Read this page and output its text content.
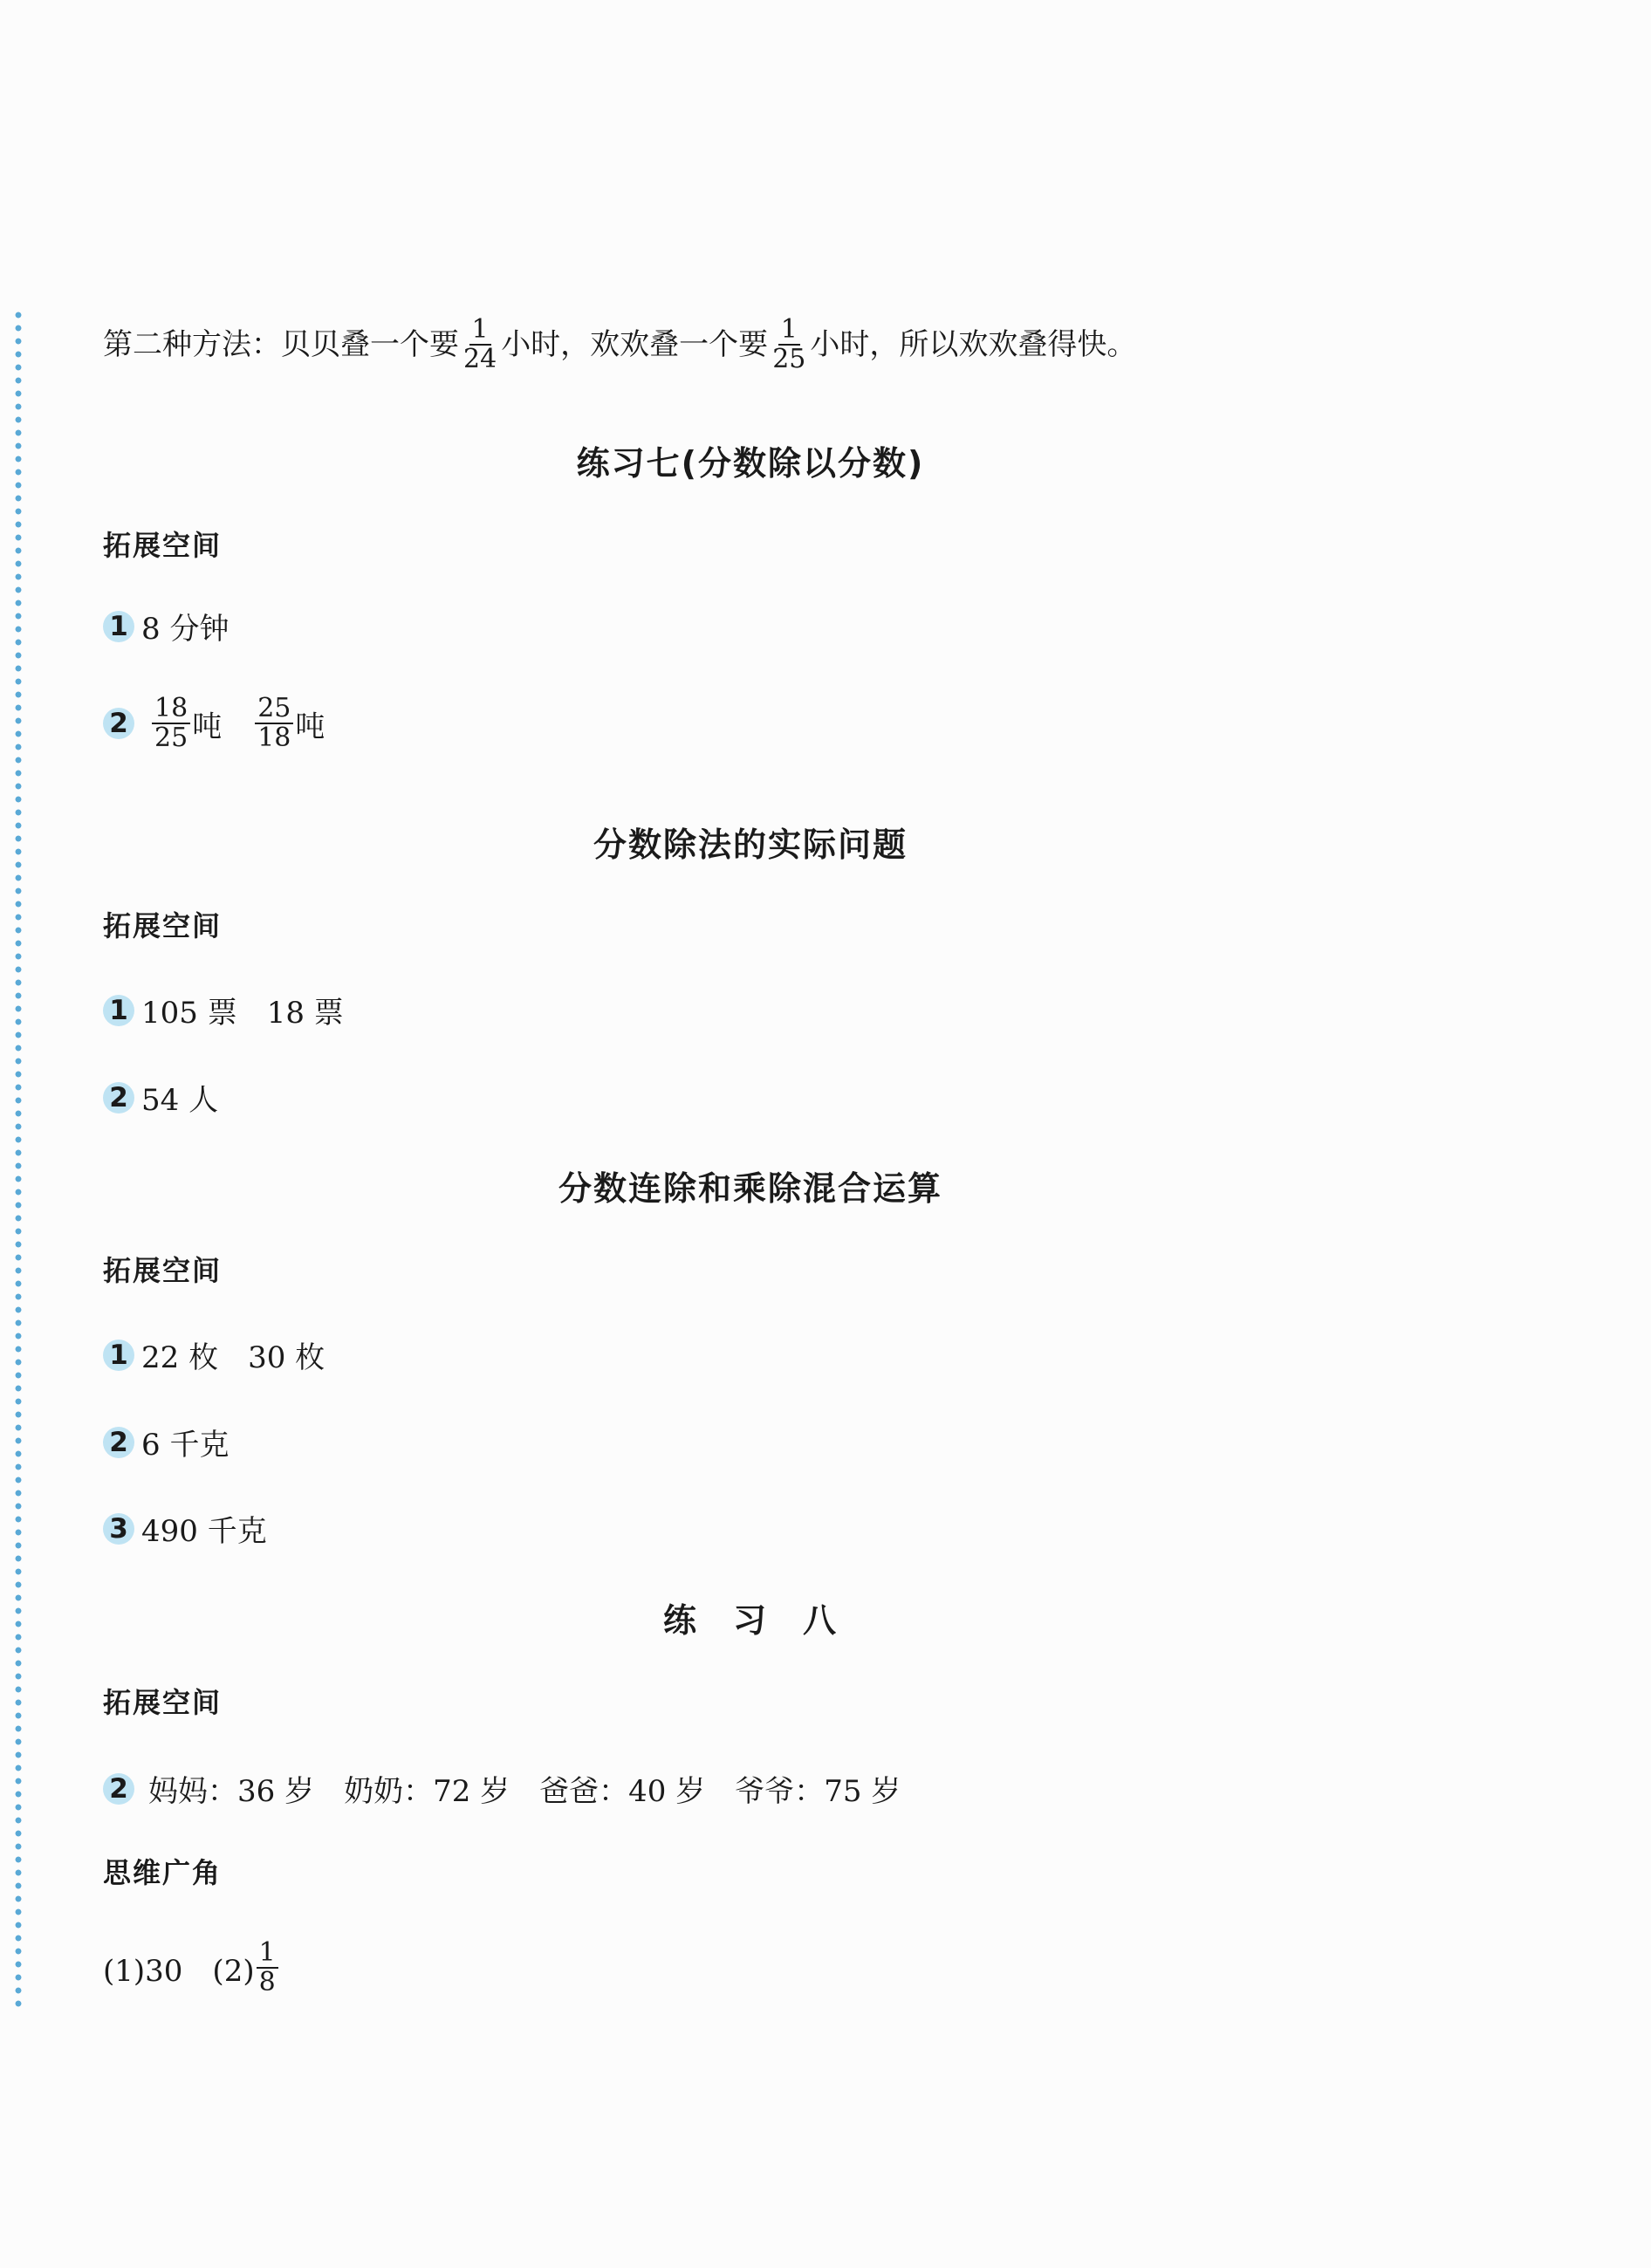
第二种方法：贝贝叠一个要 $\frac{1}{24}$ 小时，欢欢叠一个要 $\frac{1}{25}$ 小时，所以欢欢叠得快。
练习七(分数除以分数)
拓展空间
1 8 分钟
$2 \frac{18}{25}$ 吨 $\frac{25}{18}$ 吨
分数除法的实际问题
拓展空间
1 105 票　18 票
2 54 人
分数连除和乘除混合运算
拓展空间
1 22 枚　30 枚
2 6 千克
3 490 千克
练　习　八
拓展空间
2 妈妈：36 岁　奶奶：72 岁　爸爸：40 岁　爷爷：75 岁
思维广角
(1)30　$(2) \frac{1}{8}$
